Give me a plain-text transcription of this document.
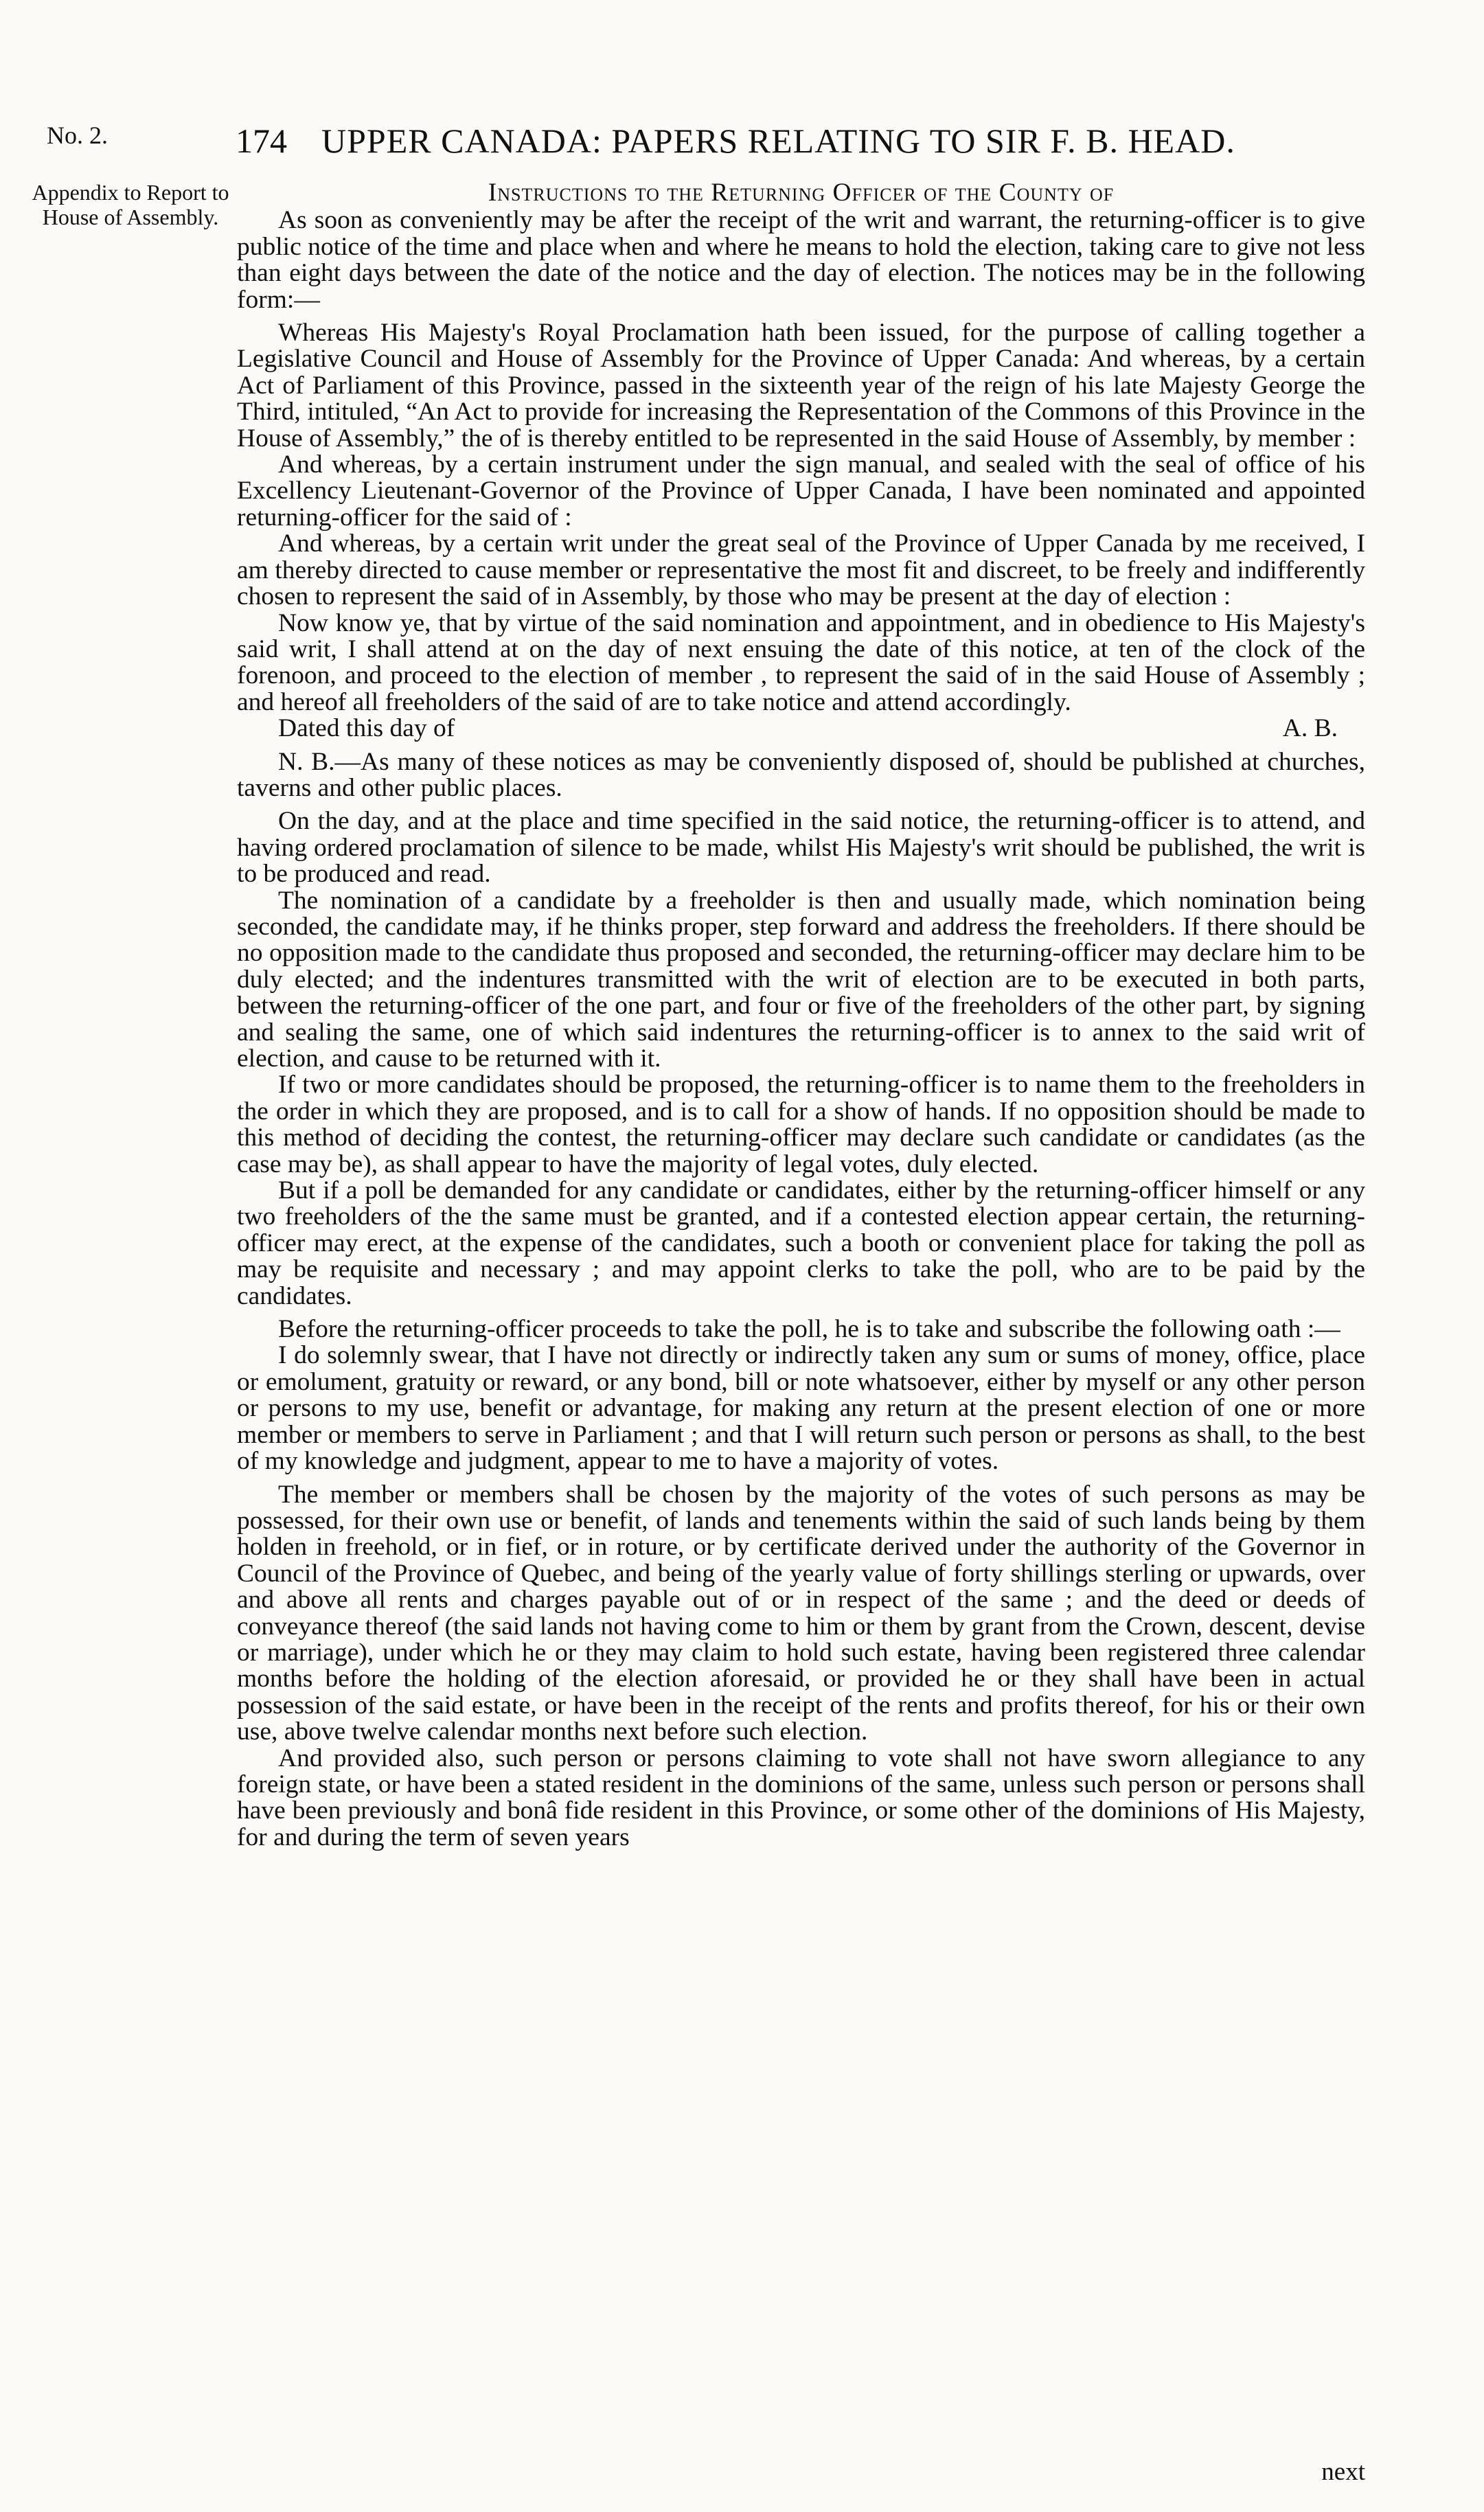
No. 2.	174 UPPER CANADA: PAPERS RELATING TO SIR F. B. HEAD.
Appendix to Report to House of Assembly.

Instructions to the Returning Officer of the County of

As soon as conveniently may be after the receipt of the writ and warrant, the returning-officer is to give public notice of the time and place when and where he means to hold the election, taking care to give not less than eight days between the date of the notice and the day of election. The notices may be in the following form:—

Whereas His Majesty's Royal Proclamation hath been issued, for the purpose of calling together a Legislative Council and House of Assembly for the Province of Upper Canada: And whereas, by a certain Act of Parliament of this Province, passed in the sixteenth year of the reign of his late Majesty George the Third, intituled, “An Act to provide for increasing the Representation of the Commons of this Province in the House of Assembly,” the of is thereby entitled to be represented in the said House of Assembly, by member :

And whereas, by a certain instrument under the sign manual, and sealed with the seal of office of his Excellency Lieutenant-Governor of the Province of Upper Canada, I have been nominated and appointed returning-officer for the said of :

And whereas, by a certain writ under the great seal of the Province of Upper Canada by me received, I am thereby directed to cause member or representative the most fit and discreet, to be freely and indifferently chosen to represent the said of in Assembly, by those who may be present at the day of election :

Now know ye, that by virtue of the said nomination and appointment, and in obedience to His Majesty's said writ, I shall attend at on the day of next ensuing the date of this notice, at ten of the clock of the forenoon, and proceed to the election of member , to represent the said of in the said House of Assembly ; and hereof all freeholders of the said of are to take notice and attend accordingly.

Dated this day of	A. B.

N. B.—As many of these notices as may be conveniently disposed of, should be published at churches, taverns and other public places.

On the day, and at the place and time specified in the said notice, the returning-officer is to attend, and having ordered proclamation of silence to be made, whilst His Majesty's writ should be published, the writ is to be produced and read.

The nomination of a candidate by a freeholder is then and usually made, which nomination being seconded, the candidate may, if he thinks proper, step forward and address the freeholders. If there should be no opposition made to the candidate thus proposed and seconded, the returning-officer may declare him to be duly elected; and the indentures transmitted with the writ of election are to be executed in both parts, between the returning-officer of the one part, and four or five of the freeholders of the other part, by signing and sealing the same, one of which said indentures the returning-officer is to annex to the said writ of election, and cause to be returned with it.

If two or more candidates should be proposed, the returning-officer is to name them to the freeholders in the order in which they are proposed, and is to call for a show of hands. If no opposition should be made to this method of deciding the contest, the returning-officer may declare such candidate or candidates (as the case may be), as shall appear to have the majority of legal votes, duly elected.

But if a poll be demanded for any candidate or candidates, either by the returning-officer himself or any two freeholders of the the same must be granted, and if a contested election appear certain, the returning-officer may erect, at the expense of the candidates, such a booth or convenient place for taking the poll as may be requisite and necessary ; and may appoint clerks to take the poll, who are to be paid by the candidates.

Before the returning-officer proceeds to take the poll, he is to take and subscribe the following oath :—

I do solemnly swear, that I have not directly or indirectly taken any sum or sums of money, office, place or emolument, gratuity or reward, or any bond, bill or note whatsoever, either by myself or any other person or persons to my use, benefit or advantage, for making any return at the present election of one or more member or members to serve in Parliament ; and that I will return such person or persons as shall, to the best of my knowledge and judgment, appear to me to have a majority of votes.

The member or members shall be chosen by the majority of the votes of such persons as may be possessed, for their own use or benefit, of lands and tenements within the said of such lands being by them holden in freehold, or in fief, or in roture, or by certificate derived under the authority of the Governor in Council of the Province of Quebec, and being of the yearly value of forty shillings sterling or upwards, over and above all rents and charges payable out of or in respect of the same ; and the deed or deeds of conveyance thereof (the said lands not having come to him or them by grant from the Crown, descent, devise or marriage), under which he or they may claim to hold such estate, having been registered three calendar months before the holding of the election aforesaid, or provided he or they shall have been in actual possession of the said estate, or have been in the receipt of the rents and profits thereof, for his or their own use, above twelve calendar months next before such election.

And provided also, such person or persons claiming to vote shall not have sworn allegiance to any foreign state, or have been a stated resident in the dominions of the same, unless such person or persons shall have been previously and bonâ fide resident in this Province, or some other of the dominions of His Majesty, for and during the term of seven years

next
